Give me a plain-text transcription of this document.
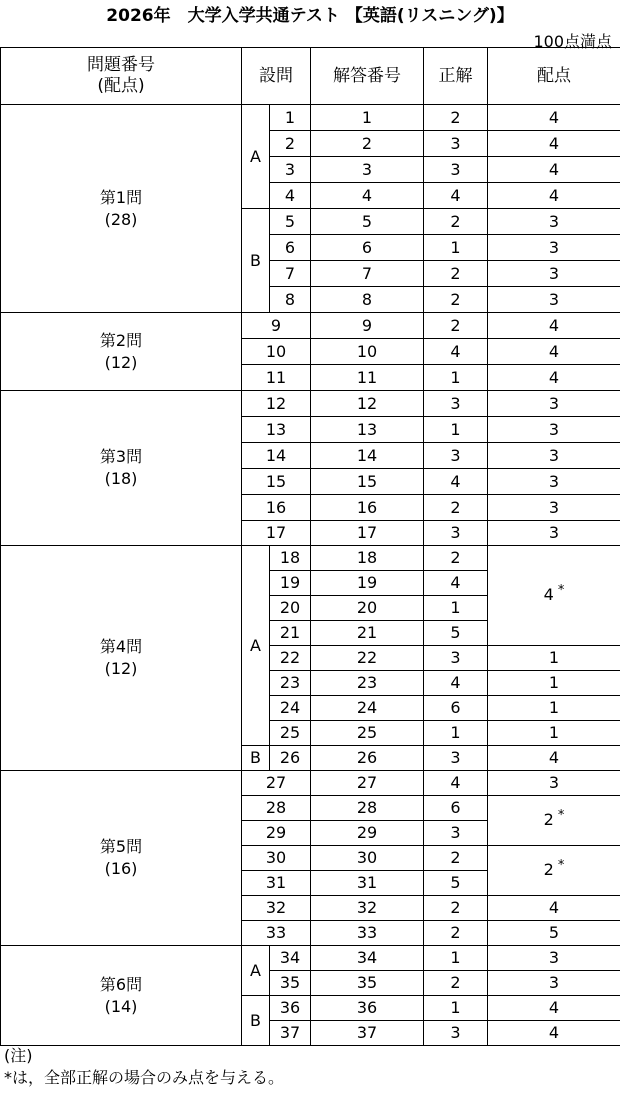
2026年　大学入学共通テスト 【英語(リスニング)】
100点満点
問題番号
(配点)	設問		解答番号	正解	配点

第1問
(28)	A	1	1	2	4
		2	2	3	4
		3	3	3	4
		4	4	4	4
	B	5	5	2	3
		6	6	1	3
		7	7	2	3
		8	8	2	3

第2問
(12)	9		9	2	4
	10		10	4	4
	11		11	1	4

第3問
(18)	12		12	3	3
	13		13	1	3
	14		14	3	3
	15		15	4	3
	16		16	2	3
	17		17	3	3

第4問
(12)	A	18	18	2	4 *
		19	19	4	
		20	20	1	
		21	21	5	
		22	22	3	1
		23	23	4	1
		24	24	6	1
		25	25	1	1
	B	26	26	3	4

第5問
(16)	27		27	4	3
	28		28	6	2 *
	29		29	3	
	30		30	2	2 *
	31		31	5	
	32		32	2	4
	33		33	2	5

第6問
(14)	A	34	34	1	3
		35	35	2	3
	B	36	36	1	4
		37	37	3	4
(注)
*は，全部正解の場合のみ点を与える。
